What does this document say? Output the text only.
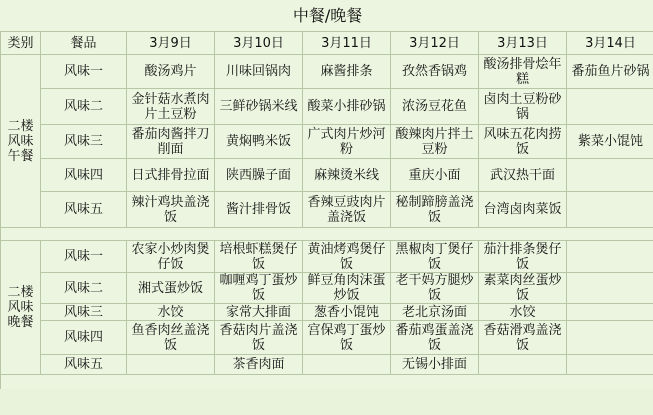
中餐/晚餐							
类别	餐品	3月9日	3月10日	3月11日	3月12日	3月13日	3月14日
二楼
风味
午餐	风味一	酸汤鸡片	川味回锅肉	麻酱排条	孜然香锅鸡	酸汤排骨烩年糕	番茄鱼片砂锅
	风味二	金针菇水煮肉片土豆粉	三鲜砂锅米线	酸菜小排砂锅	浓汤豆花鱼	卤肉土豆粉砂锅	
	风味三	番茄肉酱拌刀削面	黄焖鸭米饭	广式肉片炒河粉	酸辣肉片拌土豆粉	风味五花肉捞饭	紫菜小馄饨
	风味四	日式排骨拉面	陕西臊子面	麻辣烫米线	重庆小面	武汉热干面	
	风味五	辣汁鸡块盖浇饭	酱汁排骨饭	香辣豆豉肉片盖浇饭	秘制蹄膀盖浇饭	台湾卤肉菜饭	

二楼
风味
晚餐	风味一	农家小炒肉煲仔饭	培根虾糕煲仔饭	黄油烤鸡煲仔饭	黑椒肉丁煲仔饭	茄汁排条煲仔饭	
	风味二	湘式蛋炒饭	咖喱鸡丁蛋炒饭	鲜豆角肉沫蛋炒饭	老干妈方腿炒饭	素菜肉丝蛋炒饭	
	风味三	水饺	家常大排面	葱香小馄饨	老北京汤面	水饺	
	风味四	鱼香肉丝盖浇饭	香菇肉片盖浇饭	宫保鸡丁蛋炒饭	番茄鸡蛋盖浇饭	香菇滑鸡盖浇饭	
	风味五		茶香肉面		无锡小排面		
